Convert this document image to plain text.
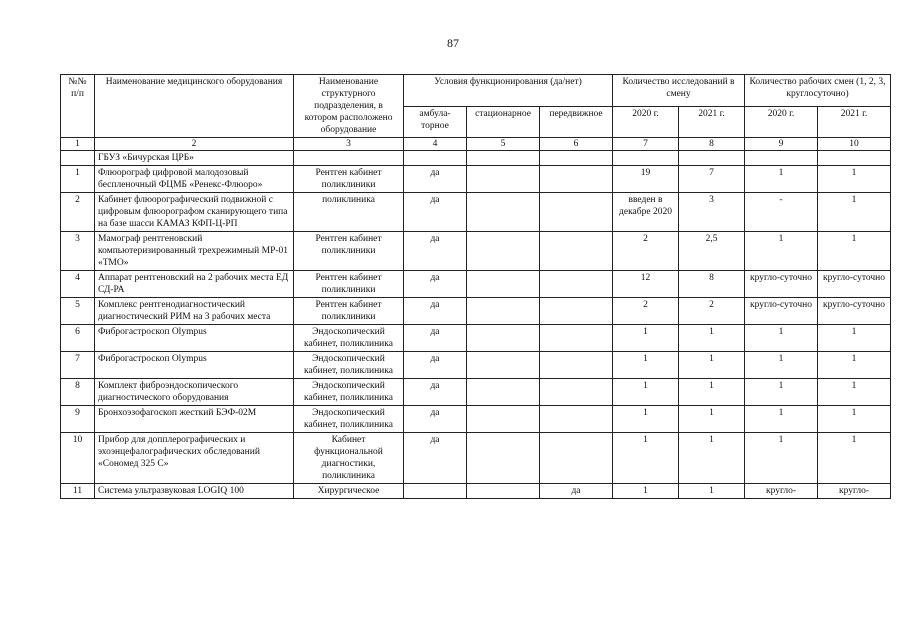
87
№№ п/п	Наименование медицинского оборудования	Наименование структурного подразделения, в котором расположено оборудование	Условия функционирования (да/нет)			Количество исследований в смену		Количество рабочих смен (1, 2, 3, круглосуточно)	
			амбула-торное	стационарное	передвижное	2020 г.	2021 г.	2020 г.	2021 г.
1	2	3	4	5	6	7	8	9	10
	ГБУЗ «Бичурская ЦРБ»								
1	Флюорограф цифровой малодозовый беспленочный ФЦМБ «Ренекс-Флюоро»	Рентген кабинет поликлиники	да			19	7	1	1
2	Кабинет флюорографический подвижной с цифровым флюорографом сканирующего типа на базе шасси КАМАЗ КФП-Ц-РП	поликлиника	да			введен в декабре 2020	3	-	1
3	Мамограф рентгеновский компьютеризированный трехрежимный МР-01 «ТМО»	Рентген кабинет поликлиники	да			2	2,5	1	1
4	Аппарат рентгеновский на 2 рабочих места ЕД СД-РА	Рентген кабинет поликлиники	да			12	8	кругло-суточно	кругло-суточно
5	Комплекс рентгенодиагностический диагностический РИМ на 3 рабочих места	Рентген кабинет поликлиники	да			2	2	кругло-суточно	кругло-суточно
6	Фиброгастроскоп Olympus	Эндоскопический кабинет, поликлиника	да			1	1	1	1
7	Фиброгастроскоп Olympus	Эндоскопический кабинет, поликлиника	да			1	1	1	1
8	Комплект фиброэндоскопического диагностического оборудования	Эндоскопический кабинет, поликлиника	да			1	1	1	1
9	Бронхоэзофагоскоп жесткий БЭФ-02М	Эндоскопический кабинет, поликлиника	да			1	1	1	1
10	Прибор для допплерографических и эхоэнцефалографических обследований «Сономед 325 С»	Кабинет функциональной диагностики, поликлиника	да			1	1	1	1
11	Система ультразвуковая LOGIQ 100	Хирургическое			да	1	1	кругло-	кругло-
